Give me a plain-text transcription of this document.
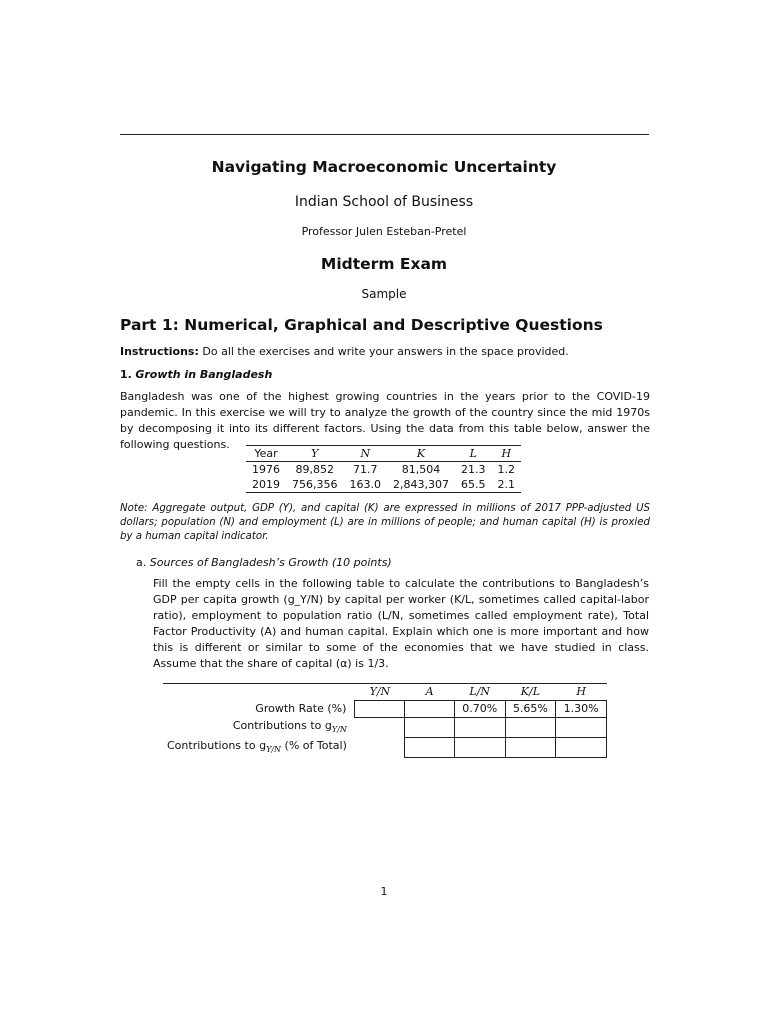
Navigating Macroeconomic Uncertainty
Indian School of Business
Professor Julen Esteban-Pretel
Midterm Exam
Sample
Part 1: Numerical, Graphical and Descriptive Questions
Instructions: Do all the exercises and write your answers in the space provided.
1. Growth in Bangladesh
Bangladesh was one of the highest growing countries in the years prior to the COVID-19 pandemic. In this exercise we will try to analyze the growth of the country since the mid 1970s by decomposing it into its different factors. Using the data from this table below, answer the following questions.
Year	Y	N	K	L	H
1976	89,852	71.7	81,504	21.3	1.2
2019	756,356	163.0	2,843,307	65.5	2.1
Note: Aggregate output, GDP (Y), and capital (K) are expressed in millions of 2017 PPP-adjusted US dollars; population (N) and employment (L) are in millions of people; and human capital (H) is proxied by a human capital indicator.
a. Sources of Bangladesh’s Growth (10 points)
Fill the empty cells in the following table to calculate the contributions to Bangladesh’s GDP per capita growth (g_Y/N) by capital per worker (K/L, sometimes called capital-labor ratio), employment to population ratio (L/N, sometimes called employment rate), Total Factor Productivity (A) and human capital. Explain which one is more important and how this is different or similar to some of the economies that we have studied in class. Assume that the share of capital (α) is 1/3.
	Y/N	A	L/N	K/L	H
Growth Rate (%)			0.70%	5.65%	1.30%
Contributions to $g_{Y/N}$					
Contributions to $g_{Y/N}$ (% of Total)					
1
